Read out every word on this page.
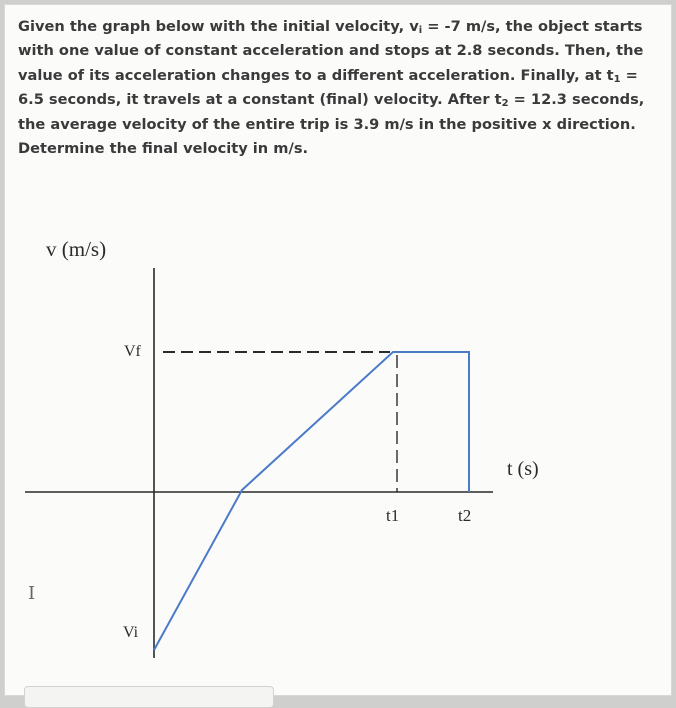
Given the graph below with the initial velocity, $v_i = -7$ m/s, the object starts with one value of constant acceleration and stops at 2.8 seconds. Then, the value of its acceleration changes to a different acceleration. Finally, at $t_1 = 6.5$ seconds, it travels at a constant (final) velocity. After $t_2 = 12.3$ seconds, the average velocity of the entire trip is 3.9 m/s in the positive x direction. Determine the final velocity in m/s.
v (m/s)
t (s)
Vf
Vi
t1	t2
I
